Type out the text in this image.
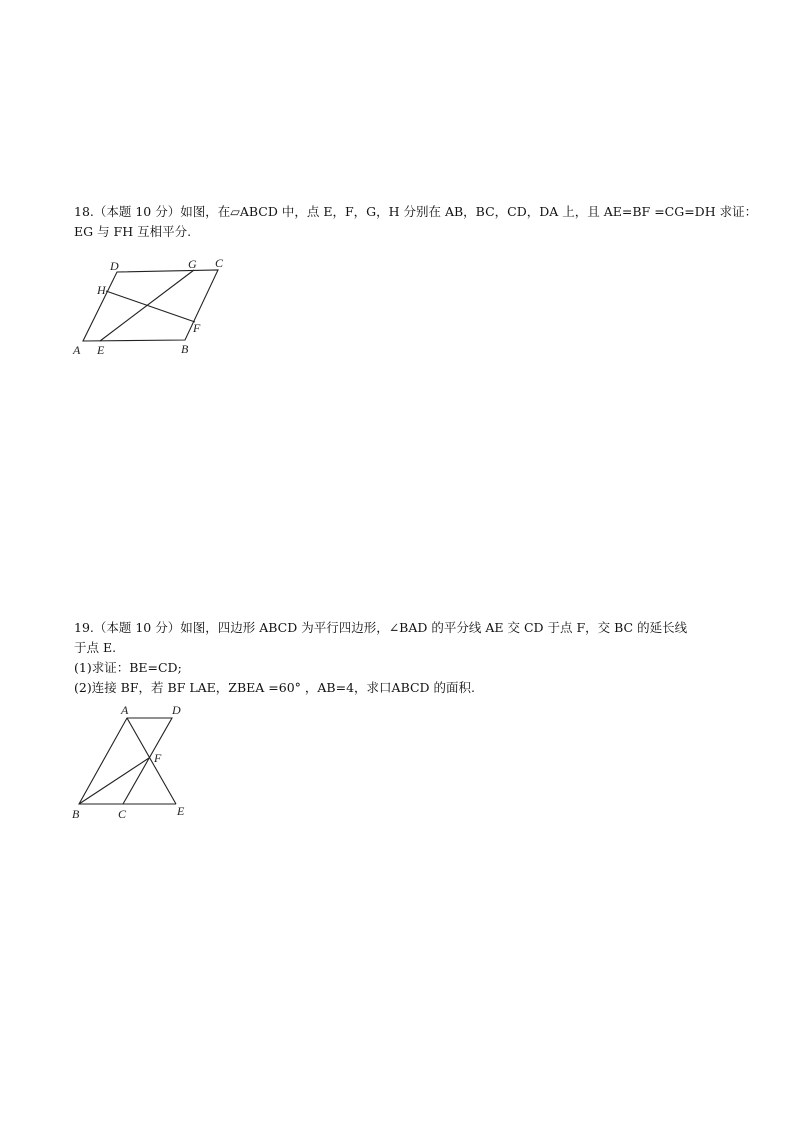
18.（本题 10 分）如图，在▱ABCD 中，点 E，F，G，H 分别在 AB，BC，CD，DA 上，且 AE=BF =CG=DH 求证：
EG 与 FH 互相平分.
A E	B
D	G C
H
F
19.（本题 10 分）如图，四边形 ABCD 为平行四边形，∠BAD 的平分线 AE 交 CD 于点 F，交 BC 的延长线
于点 E.
(1)求证：BE=CD;
(2)连接 BF，若 BF LAE，ZBEA =60° ，AB=4，求口ABCD 的面积.
A	D
F
B	C	E
